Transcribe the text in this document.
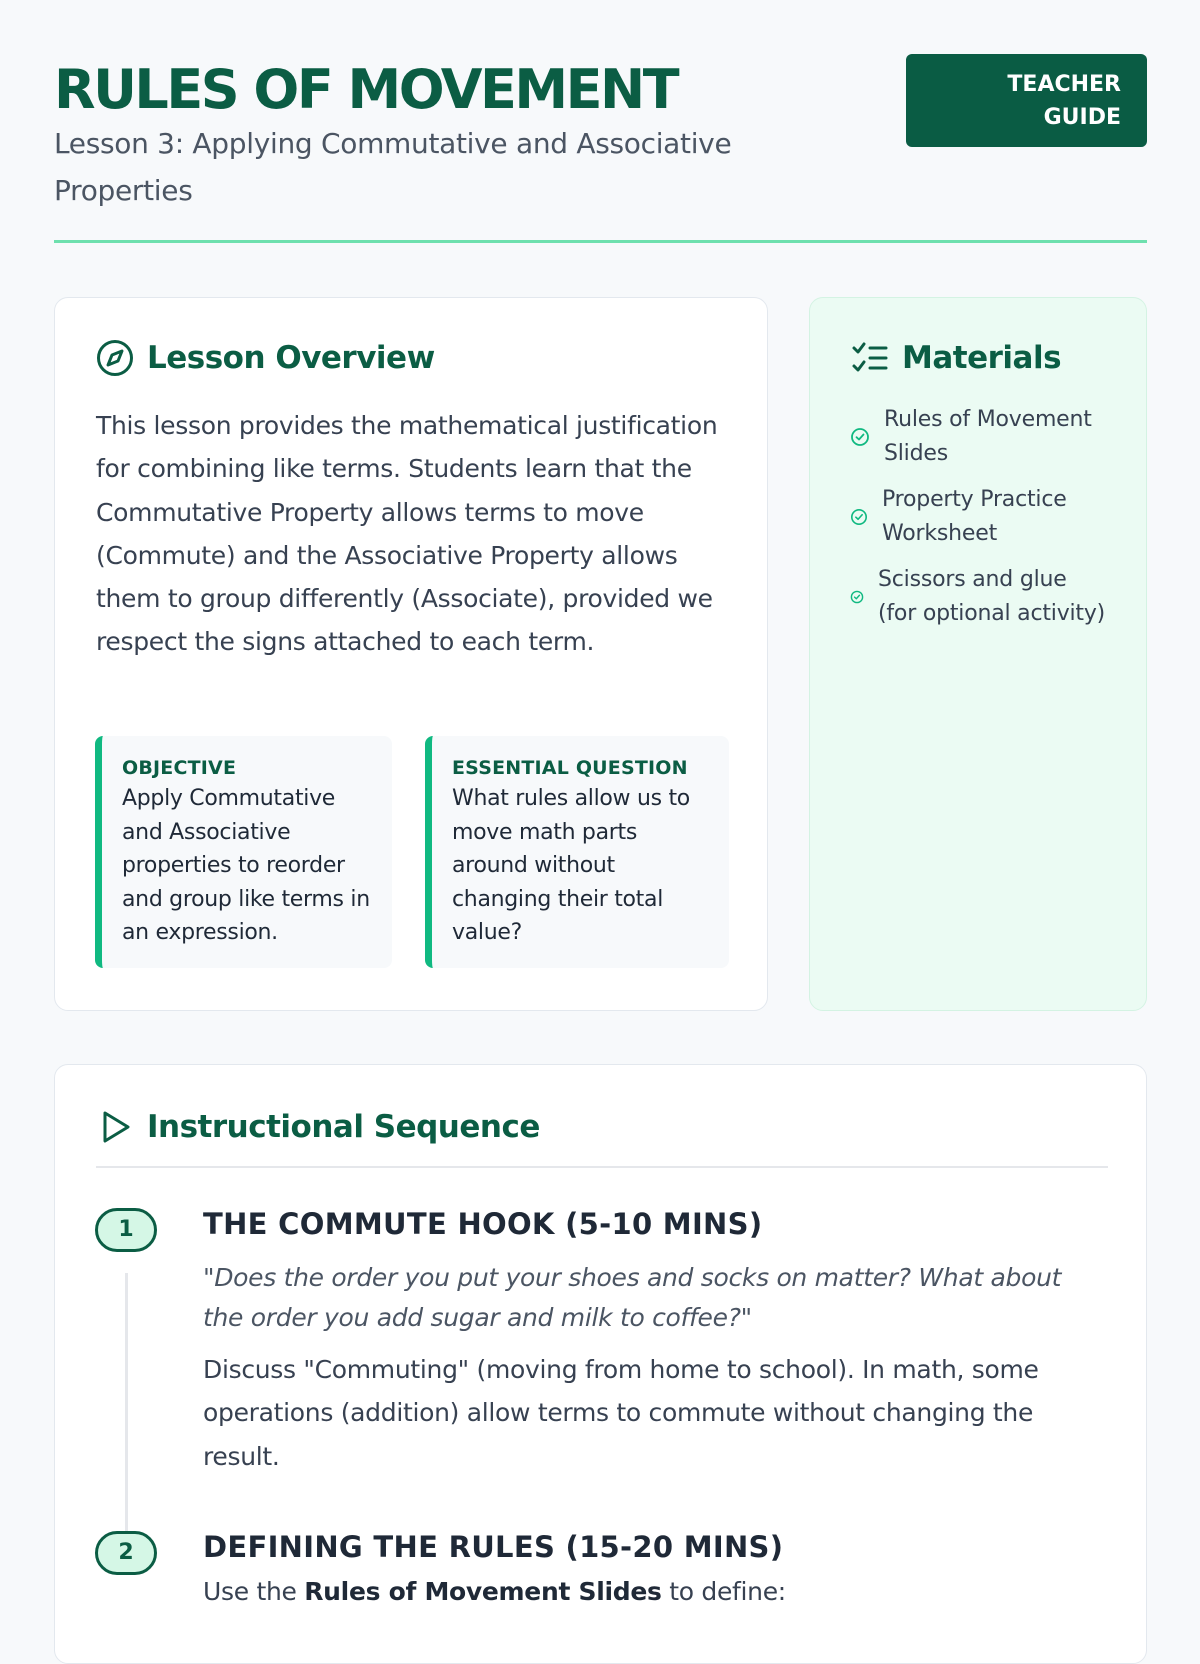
RULES OF MOVEMENT
Lesson 3: Applying Commutative and Associative Properties
TEACHER GUIDE
Lesson Overview

This lesson provides the mathematical justification for combining like terms. Students learn that the Commutative Property allows terms to move (Commute) and the Associative Property allows them to group differently (Associate), provided we respect the signs attached to each term.

OBJECTIVE
Apply Commutative and Associative properties to reorder and group like terms in an expression.
ESSENTIAL QUESTION
What rules allow us to move math parts around without changing their total value?
Materials
Rules of Movement Slides
Property Practice Worksheet
Scissors and glue (for optional activity)
Instructional Sequence
1	THE COMMUTE HOOK (5-10 MINS)
"Does the order you put your shoes and socks on matter? What about the order you add sugar and milk to coffee?"
Discuss "Commuting" (moving from home to school). In math, some operations (addition) allow terms to commute without changing the result.
2	DEFINING THE RULES (15-20 MINS)
Use the Rules of Movement Slides to define:
